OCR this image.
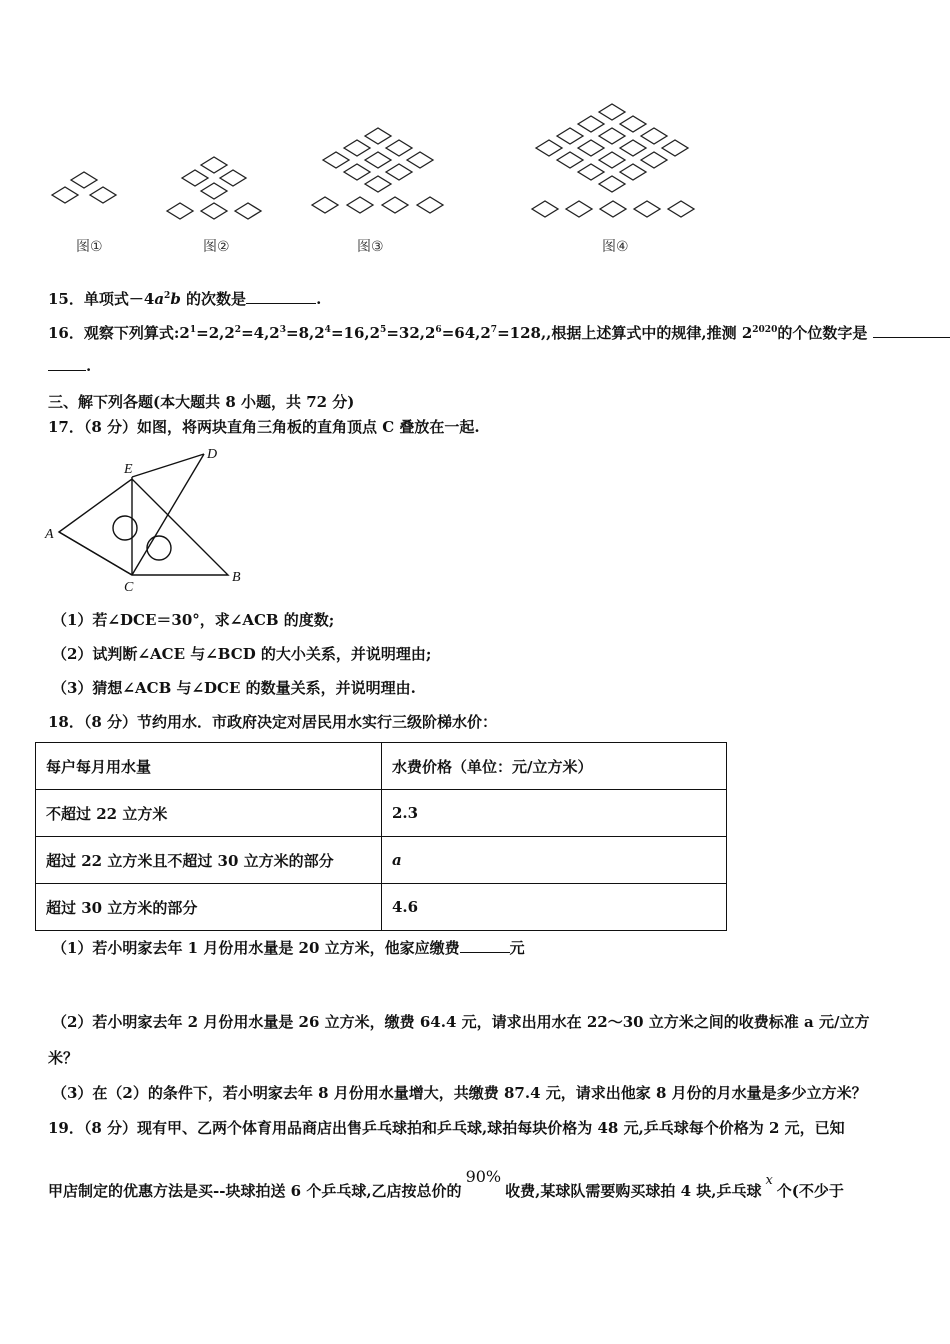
图①	图②	图③	图④
15．单项式$-4a^2b$ 的次数是	.
16．观察下列算式$:2^1=2,2^2=4,2^3=8,2^4=16,2^5=32,2^6=64,2^7=128$,,根据上述算式中的规律,推测 $2^{2020}$的个位数字是
.
三、解下列各题(本大题共 8 小题，共 72 分)
17．（8 分）如图，将两块直角三角板的直角顶点 C 叠放在一起.
A
B
C
D
E
（1）若∠DCE＝30°，求∠ACB 的度数;
（2）试判断∠ACE 与∠BCD 的大小关系，并说明理由;
（3）猜想∠ACB 与∠DCE 的数量关系，并说明理由.
18．（8 分）节约用水．市政府决定对居民用水实行三级阶梯水价：
每户每月用水量	水费价格（单位：元/立方米）
不超过 22 立方米	2.3
超过 22 立方米且不超过 30 立方米的部分	a
超过 30 立方米的部分	4.6
（1）若小明家去年 1 月份用水量是 20 立方米，他家应缴费	元
（2）若小明家去年 2 月份用水量是 26 立方米，缴费 64.4 元，请求出用水在 22～30 立方米之间的收费标准 a 元/立方
米？
（3）在（2）的条件下，若小明家去年 8 月份用水量增大，共缴费 87.4 元，请求出他家 8 月份的月水量是多少立方米？
19．（8 分）现有甲、乙两个体育用品商店出售乒乓球拍和乒乓球,球拍每块价格为 48 元,乒乓球每个价格为 2 元，已知
甲店制定的优惠方法是买--块球拍送 6 个乒乓球,乙店按总价的90%收费,某球队需要购买球拍 4 块,乒乓球x个(不少于
